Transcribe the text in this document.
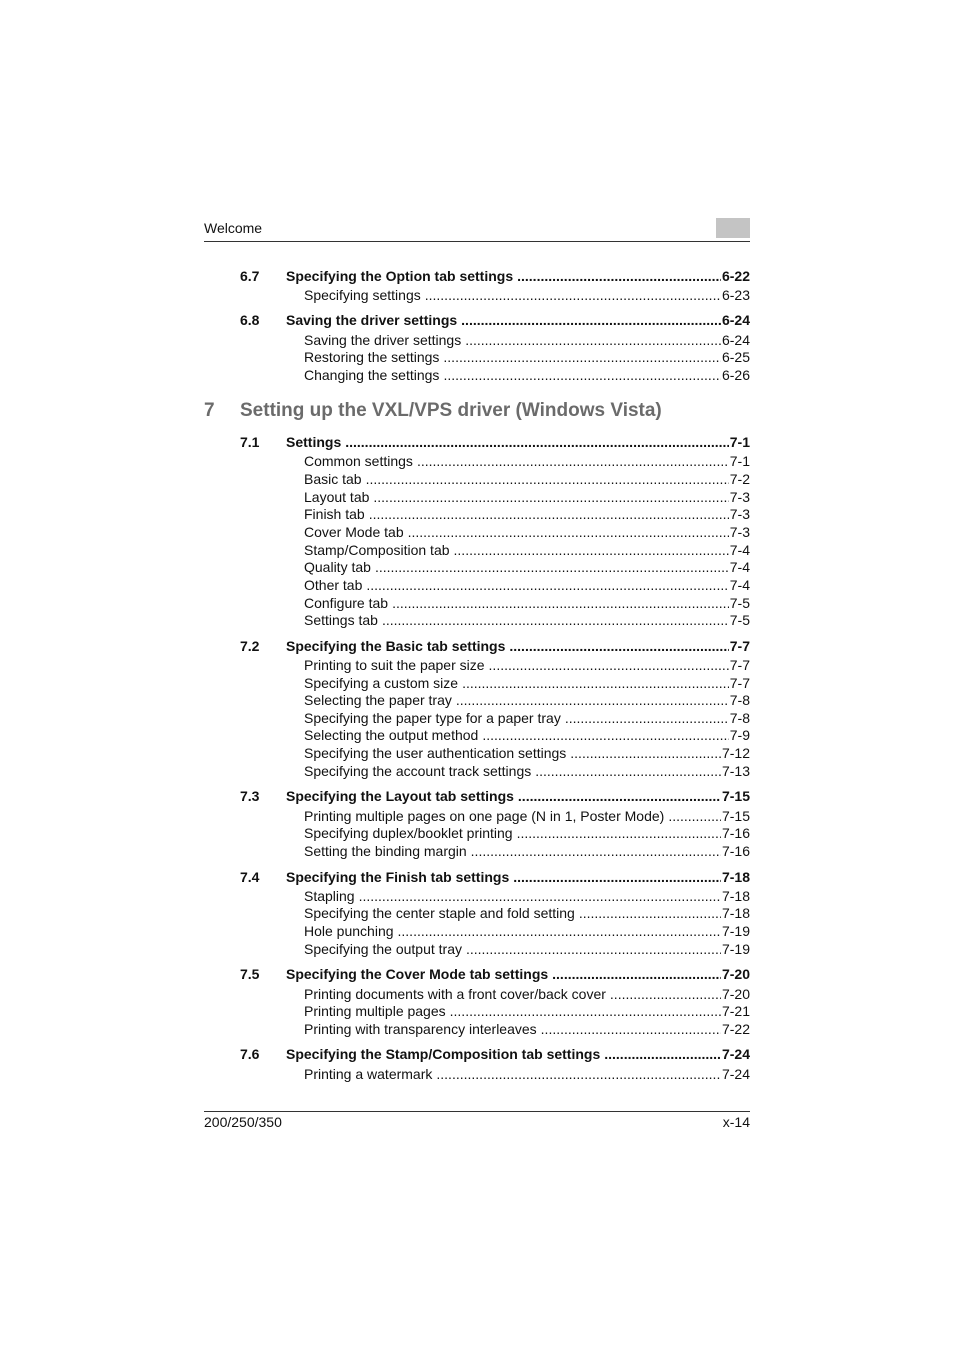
Welcome
7 Setting up the VXL/VPS driver (Windows Vista)
6.7 Specifying the Option tab settings .....	6-22
Specifying settings .....	6-23
6.8 Saving the driver settings .....	6-24
Saving the driver settings .....	6-24
Restoring the settings .....	6-25
Changing the settings .....	6-26
7.1 Settings .....	7-1
Common settings .....	7-1
Basic tab .....	7-2
Layout tab .....	7-3
Finish tab .....	7-3
Cover Mode tab .....	7-3
Stamp/Composition tab .....	7-4
Quality tab .....	7-4
Other tab .....	7-4
Configure tab .....	7-5
Settings tab .....	7-5
7.2 Specifying the Basic tab settings .....	7-7
Printing to suit the paper size .....	7-7
Specifying a custom size .....	7-7
Selecting the paper tray .....	7-8
Specifying the paper type for a paper tray .....	7-8
Selecting the output method .....	7-9
Specifying the user authentication settings .....	7-12
Specifying the account track settings .....	7-13
7.3 Specifying the Layout tab settings .....	7-15
Printing multiple pages on one page (N in 1, Poster Mode) .....	7-15
Specifying duplex/booklet printing .....	7-16
Setting the binding margin .....	7-16
7.4 Specifying the Finish tab settings .....	7-18
Stapling .....	7-18
Specifying the center staple and fold setting .....	7-18
Hole punching .....	7-19
Specifying the output tray .....	7-19
7.5 Specifying the Cover Mode tab settings .....	7-20
Printing documents with a front cover/back cover .....	7-20
Printing multiple pages .....	7-21
Printing with transparency interleaves .....	7-22
7.6 Specifying the Stamp/Composition tab settings .....	7-24
Printing a watermark .....	7-24
200/250/350	x-14
